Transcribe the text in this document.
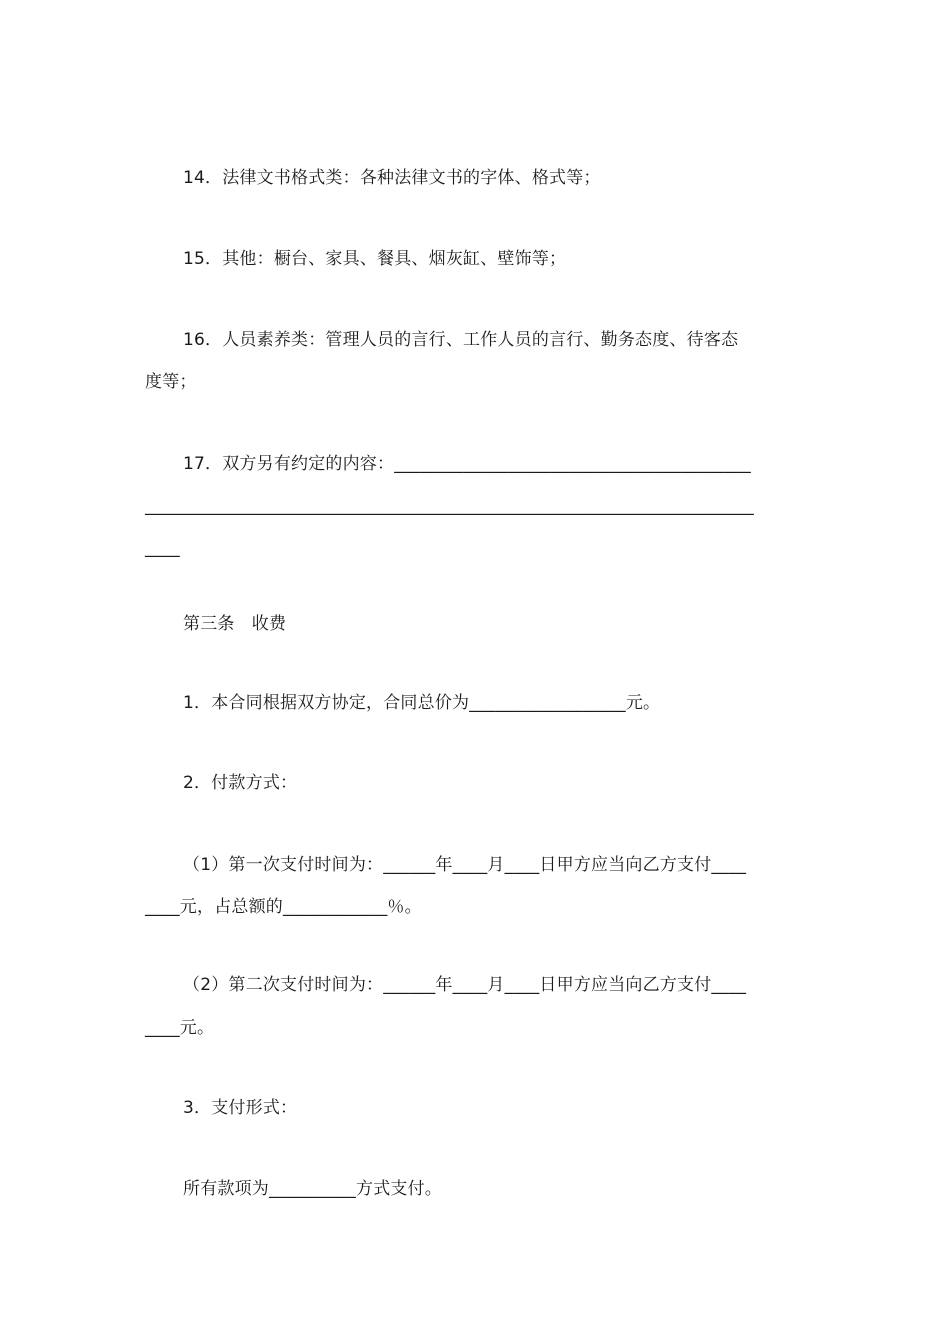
14．法律文书格式类：各种法律文书的字体、格式等；
15．其他：橱台、家具、餐具、烟灰缸、壁饰等；
16．人员素养类：管理人员的言行、工作人员的言行、勤务态度、待客态
度等；
17．双方另有约定的内容：_________________________________________
______________________________________________________________________
____
第三条　收费
1．本合同根据双方协定，合同总价为__________________元。
2．付款方式：
（1）第一次支付时间为：______年____月____日甲方应当向乙方支付____
____元，占总额的____________％。
（2）第二次支付时间为：______年____月____日甲方应当向乙方支付____
____元。
3．支付形式：
所有款项为__________方式支付。
